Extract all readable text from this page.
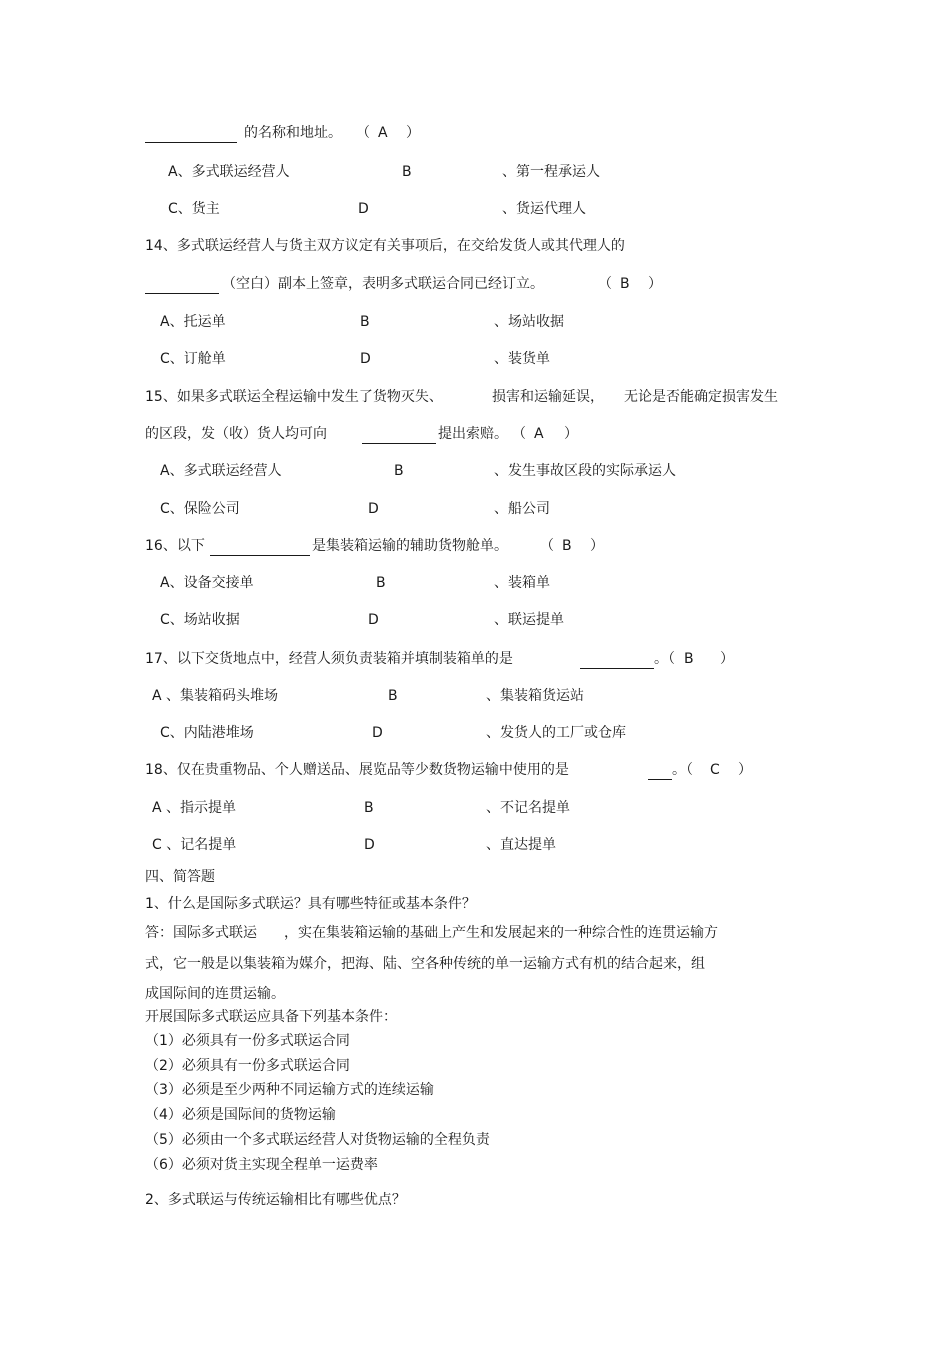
的名称和地址。 （ A ）
A、多式联运经营人	B	、第一程承运人
C、货主	D	、货运代理人
14、多式联运经营人与货主双方议定有关事项后，在交给发货人或其代理人的
（空白）副本上签章，表明多式联运合同已经订立。	（ B ）
A、托运单	B	、场站收据
C、订舱单	D	、装货单
15、如果多式联运全程运输中发生了货物灭失、	损害和运输延误， 无论是否能确定损害发生
的区段，发（收）货人均可向	提出索赔。 （ A ）
A、多式联运经营人	B	、发生事故区段的实际承运人
C、保险公司	D	、船公司
16、以下	是集装箱运输的辅助货物舱单。 （ B ）
A、设备交接单	B	、装箱单
C、场站收据	D	、联运提单
17、以下交货地点中，经营人须负责装箱并填制装箱单的是	。（ B ）
A 、集装箱码头堆场	B	、集装箱货运站
C、内陆港堆场	D	、发货人的工厂或仓库
18、仅在贵重物品、个人赠送品、展览品等少数货物运输中使用的是	。（ C ）
A 、指示提单	B	、不记名提单
C 、记名提单	D	、直达提单
四、简答题
1、什么是国际多式联运？具有哪些特征或基本条件？
答：国际多式联运 ，实在集装箱运输的基础上产生和发展起来的一种综合性的连贯运输方
式，它一般是以集装箱为媒介，把海、陆、空各种传统的单一运输方式有机的结合起来，组
成国际间的连贯运输。
开展国际多式联运应具备下列基本条件：
（1）必须具有一份多式联运合同
（2）必须具有一份多式联运合同
（3）必须是至少两种不同运输方式的连续运输
（4）必须是国际间的货物运输
（5）必须由一个多式联运经营人对货物运输的全程负责
（6）必须对货主实现全程单一运费率
2、多式联运与传统运输相比有哪些优点？
